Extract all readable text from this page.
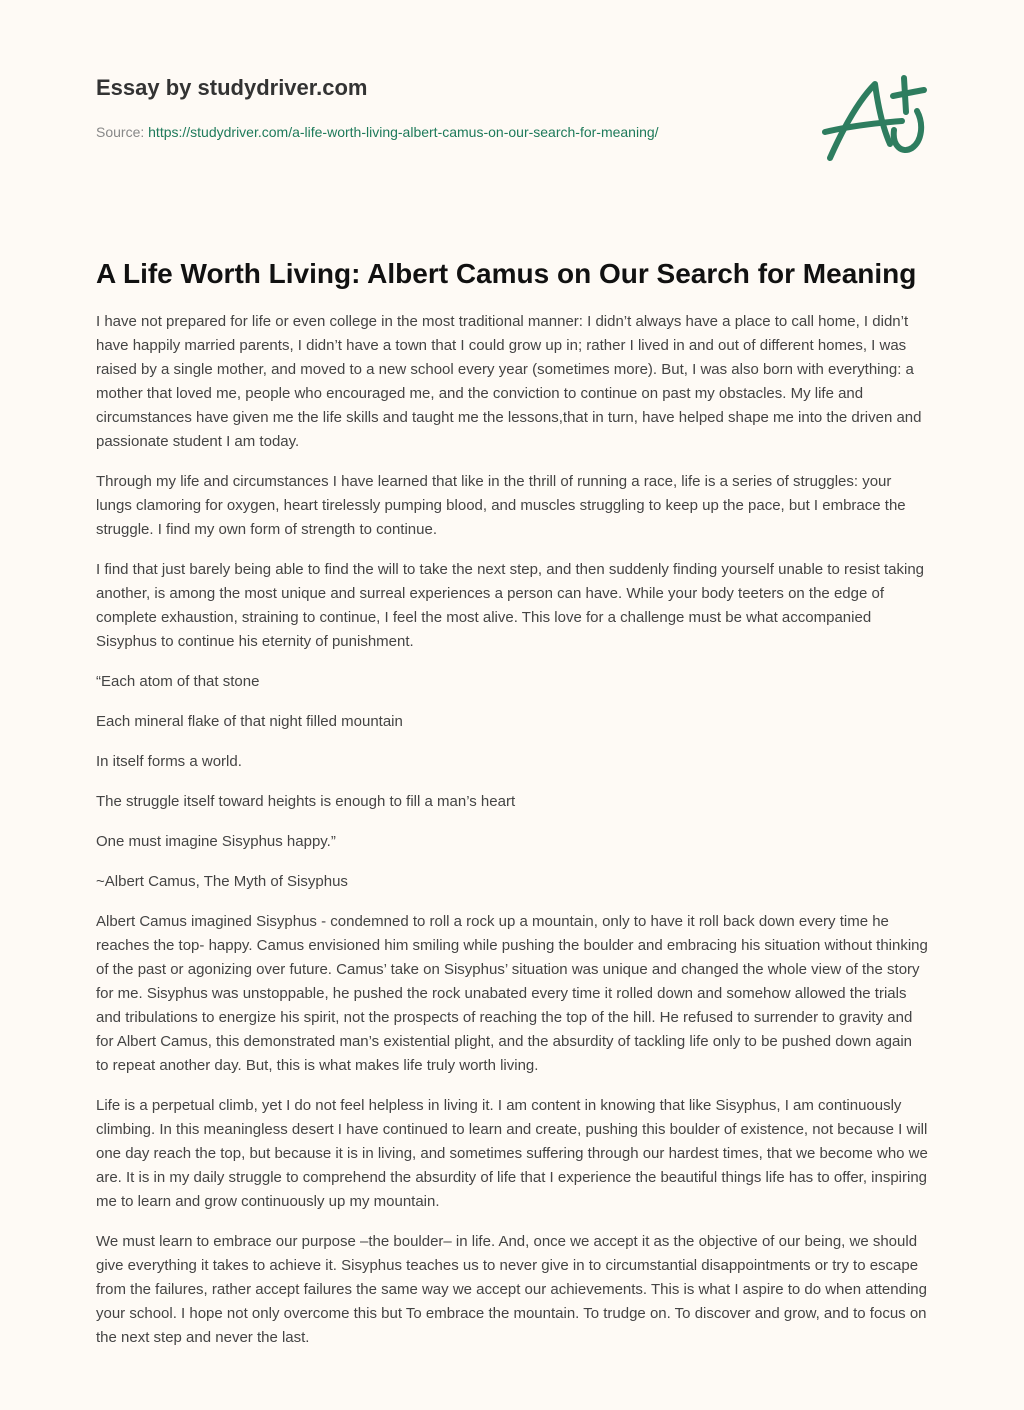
Essay by studydriver.com
Source: https://studydriver.com/a-life-worth-living-albert-camus-on-our-search-for-meaning/
A Life Worth Living: Albert Camus on Our Search for Meaning

I have not prepared for life or even college in the most traditional manner: I didn’t always have a place to call home, I didn’t have happily married parents, I didn’t have a town that I could grow up in; rather I lived in and out of different homes, I was raised by a single mother, and moved to a new school every year (sometimes more). But, I was also born with everything: a mother that loved me, people who encouraged me, and the conviction to continue on past my obstacles. My life and circumstances have given me the life skills and taught me the lessons,that in turn, have helped shape me into the driven and passionate student I am today.

Through my life and circumstances I have learned that like in the thrill of running a race, life is a series of struggles: your lungs clamoring for oxygen, heart tirelessly pumping blood, and muscles struggling to keep up the pace, but I embrace the struggle. I find my own form of strength to continue.

I find that just barely being able to find the will to take the next step, and then suddenly finding yourself unable to resist taking another, is among the most unique and surreal experiences a person can have. While your body teeters on the edge of complete exhaustion, straining to continue, I feel the most alive. This love for a challenge must be what accompanied Sisyphus to continue his eternity of punishment.

“Each atom of that stone

Each mineral flake of that night filled mountain

In itself forms a world.

The struggle itself toward heights is enough to fill a man’s heart

One must imagine Sisyphus happy.”

~Albert Camus, The Myth of Sisyphus

Albert Camus imagined Sisyphus - condemned to roll a rock up a mountain, only to have it roll back down every time he reaches the top- happy. Camus envisioned him smiling while pushing the boulder and embracing his situation without thinking of the past or agonizing over future. Camus’ take on Sisyphus’ situation was unique and changed the whole view of the story for me. Sisyphus was unstoppable, he pushed the rock unabated every time it rolled down and somehow allowed the trials and tribulations to energize his spirit, not the prospects of reaching the top of the hill. He refused to surrender to gravity and for Albert Camus, this demonstrated man’s existential plight, and the absurdity of tackling life only to be pushed down again to repeat another day. But, this is what makes life truly worth living.

Life is a perpetual climb, yet I do not feel helpless in living it. I am content in knowing that like Sisyphus, I am continuously climbing. In this meaningless desert I have continued to learn and create, pushing this boulder of existence, not because I will one day reach the top, but because it is in living, and sometimes suffering through our hardest times, that we become who we are. It is in my daily struggle to comprehend the absurdity of life that I experience the beautiful things life has to offer, inspiring me to learn and grow continuously up my mountain.

We must learn to embrace our purpose –the boulder– in life. And, once we accept it as the objective of our being, we should give everything it takes to achieve it. Sisyphus teaches us to never give in to circumstantial disappointments or try to escape from the failures, rather accept failures the same way we accept our achievements. This is what I aspire to do when attending your school. I hope not only overcome this but To embrace the mountain. To trudge on. To discover and grow, and to focus on the next step and never the last.
